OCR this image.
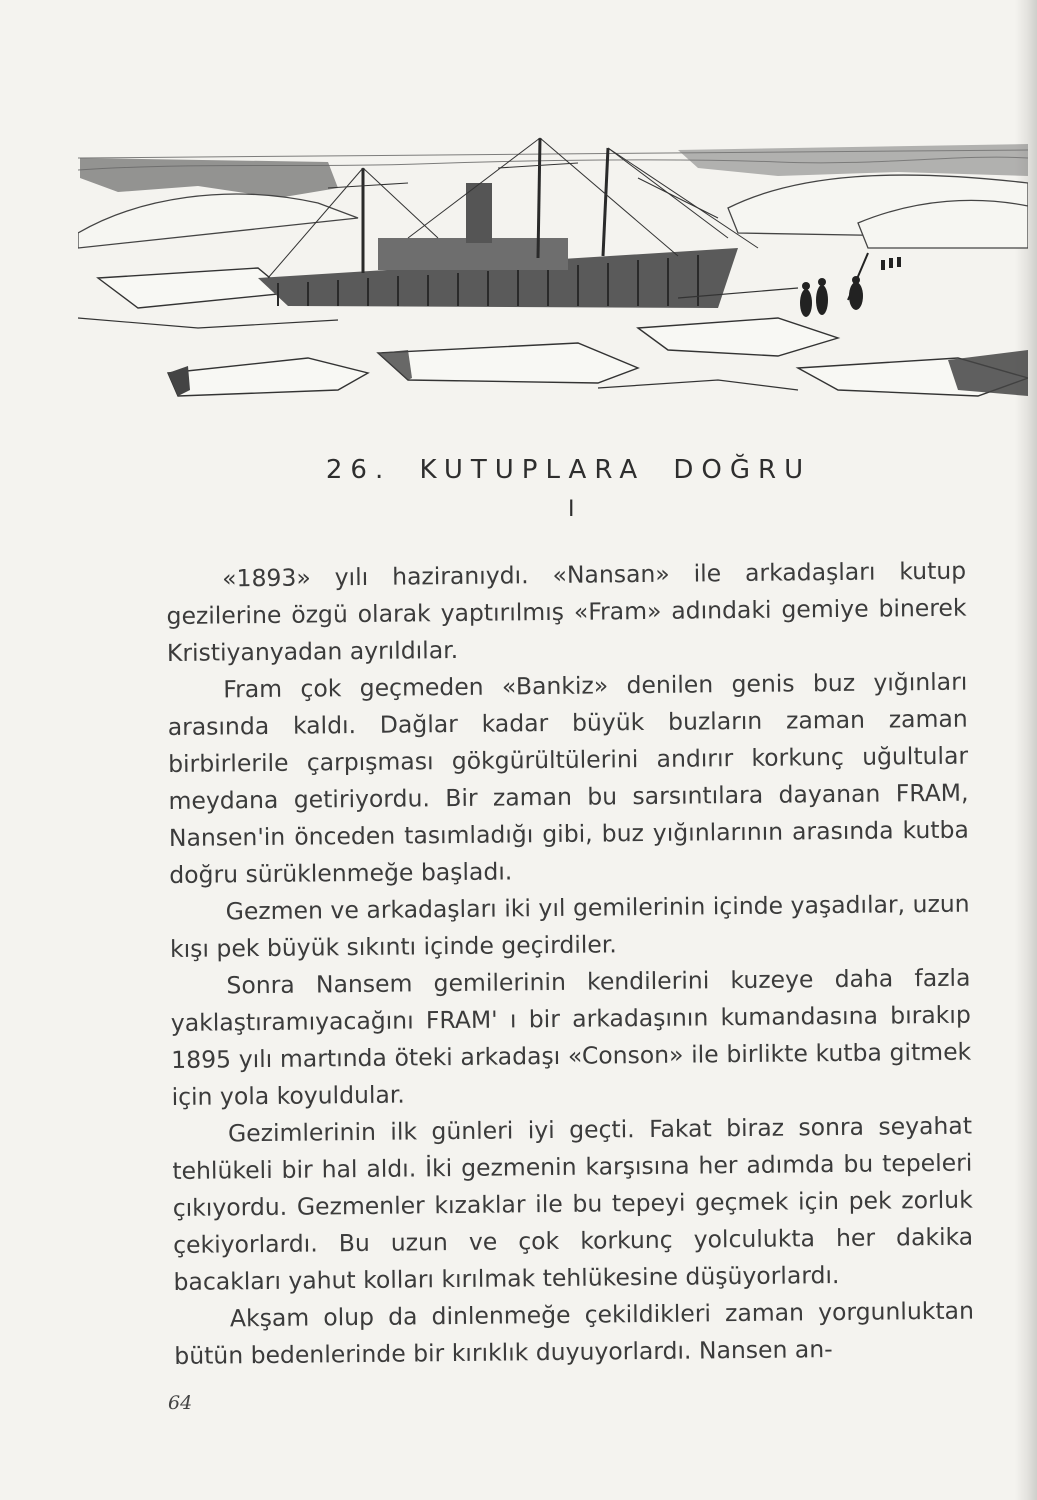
26. KUTUPLARA DOĞRU
I

«1893» yılı haziranıydı. «Nansan» ile arkadaşları kutup gezilerine özgü olarak yaptırılmış «Fram» adındaki gemiye binerek Kristiyanyadan ayrıldılar.

Fram çok geçmeden «Bankiz» denilen genis buz yığınları arasında kaldı. Dağlar kadar büyük buzların zaman zaman birbirlerile çarpışması gökgürültülerini andırır korkunç uğultular meydana getiriyordu. Bir zaman bu sarsıntılara dayanan FRAM, Nansen'in önceden tasımladığı gibi, buz yığınlarının arasında kutba doğru sürüklenmeğe başladı.

Gezmen ve arkadaşları iki yıl gemilerinin içinde yaşadılar, uzun kışı pek büyük sıkıntı içinde geçirdiler.

Sonra Nansem gemilerinin kendilerini kuzeye daha fazla yaklaştıramıyacağını FRAM' ı bir arkadaşının kumandasına bırakıp 1895 yılı martında öteki arkadaşı «Conson» ile birlikte kutba gitmek için yola koyuldular.

Gezimlerinin ilk günleri iyi geçti. Fakat biraz sonra seyahat tehlükeli bir hal aldı. İki gezmenin karşısına her adımda bu tepeleri çıkıyordu. Gezmenler kızaklar ile bu tepeyi geçmek için pek zorluk çekiyorlardı. Bu uzun ve çok korkunç yolculukta her dakika bacakları yahut kolları kırılmak tehlükesine düşüyorlardı.

Akşam olup da dinlenmeğe çekildikleri zaman yorgunluktan bütün bedenlerinde bir kırıklık duyuyorlardı. Nansen an-

64
